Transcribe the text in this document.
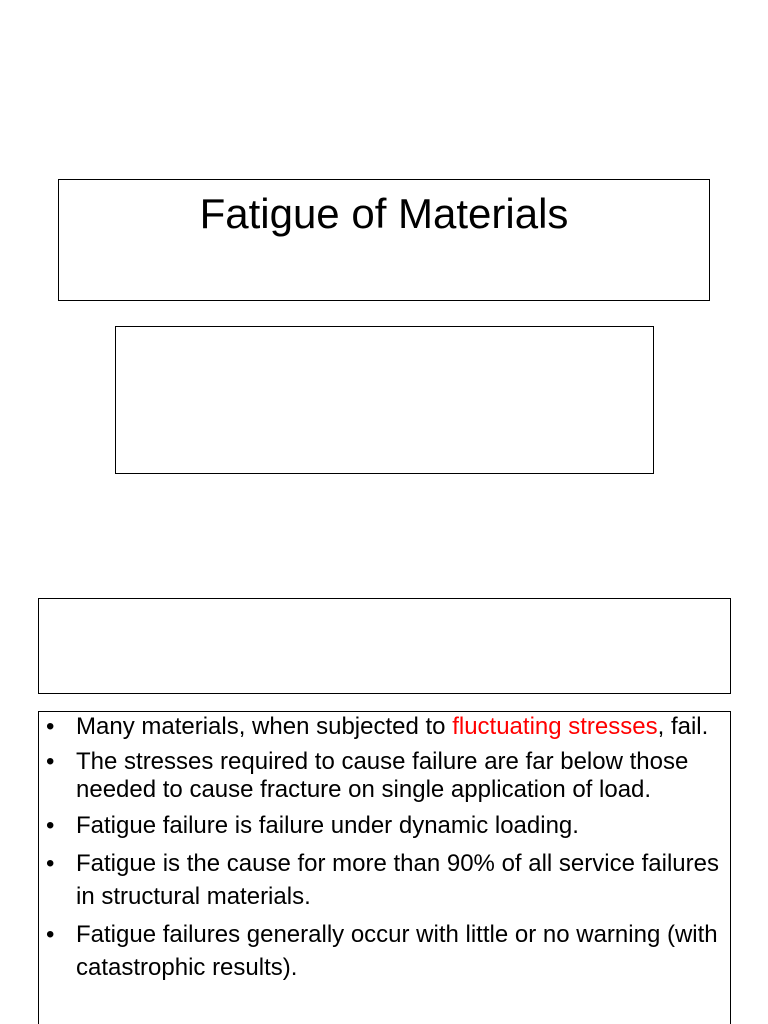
Fatigue of Materials
• Many materials, when subjected to fluctuating stresses, fail.
• The stresses required to cause failure are far below those needed to cause fracture on single application of load.
• Fatigue failure is failure under dynamic loading.
• Fatigue is the cause for more than 90% of all service failures in structural materials.
• Fatigue failures generally occur with little or no warning (with catastrophic results).
